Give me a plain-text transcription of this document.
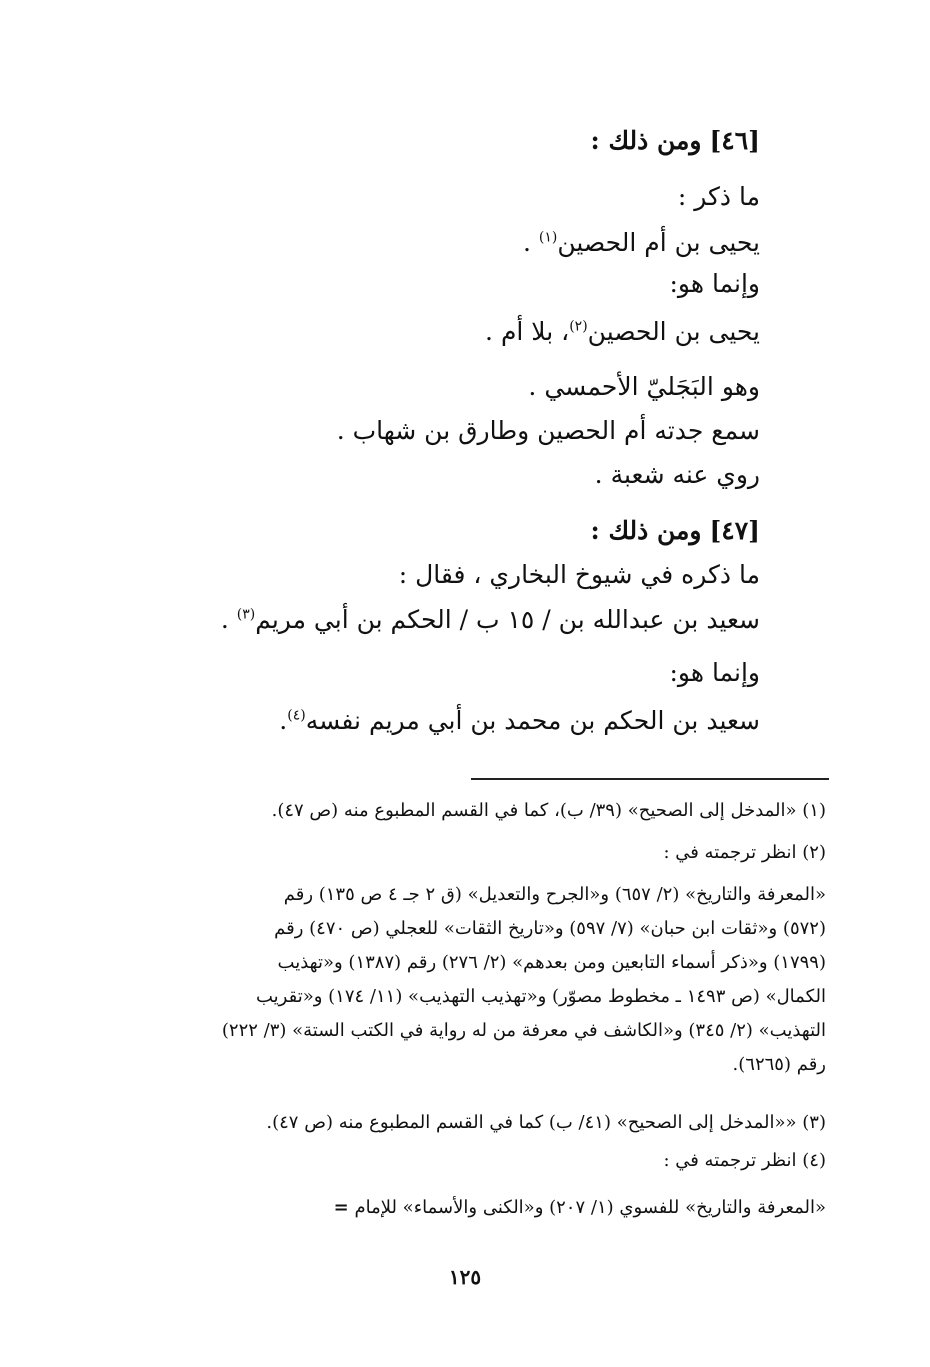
[٤٦] ومن ذلك :
ما ذكر :
يحيى بن أم الحصين$^{(١)}$ .
وإنما هو:
يحيى بن الحصين$^{(٢)}$، بلا أم .
وهو البَجَليّ الأحمسي .
سمع جدته أم الحصين وطارق بن شهاب .
روي عنه شعبة .
[٤٧] ومن ذلك :
ما ذكره في شيوخ البخاري ، فقال :
سعيد بن عبدالله بن / ١٥ ب / الحكم بن أبي مريم$^{(٣)}$ .
وإنما هو:
سعيد بن الحكم بن محمد بن أبي مريم نفسه$^{(٤)}$.
(١) «المدخل إلى الصحيح» (٣٩/ ب)، كما في القسم المطبوع منه (ص ٤٧).
(٢) انظر ترجمته في :
«المعرفة والتاريخ» (٢/ ٦٥٧) و«الجرح والتعديل» (ق ٢ جـ ٤ ص ١٣٥) رقم
(٥٧٢) و«ثقات ابن حبان» (٧/ ٥٩٧) و«تاريخ الثقات» للعجلي (ص ٤٧٠) رقم
(١٧٩٩) و«ذكر أسماء التابعين ومن بعدهم» (٢/ ٢٧٦) رقم (١٣٨٧) و«تهذيب
الكمال» (ص ١٤٩٣ ـ مخطوط مصوّر) و«تهذيب التهذيب» (١١/ ١٧٤) و«تقريب
التهذيب» (٢/ ٣٤٥) و«الكاشف في معرفة من له رواية في الكتب الستة» (٣/ ٢٢٢)
رقم (٦٢٦٥).
(٣) ««المدخل إلى الصحيح» (٤١/ ب) كما في القسم المطبوع منه (ص ٤٧).
(٤) انظر ترجمته في :
«المعرفة والتاريخ» للفسوي (١/ ٢٠٧) و«الكنى والأسماء» للإمام =
١٢٥
